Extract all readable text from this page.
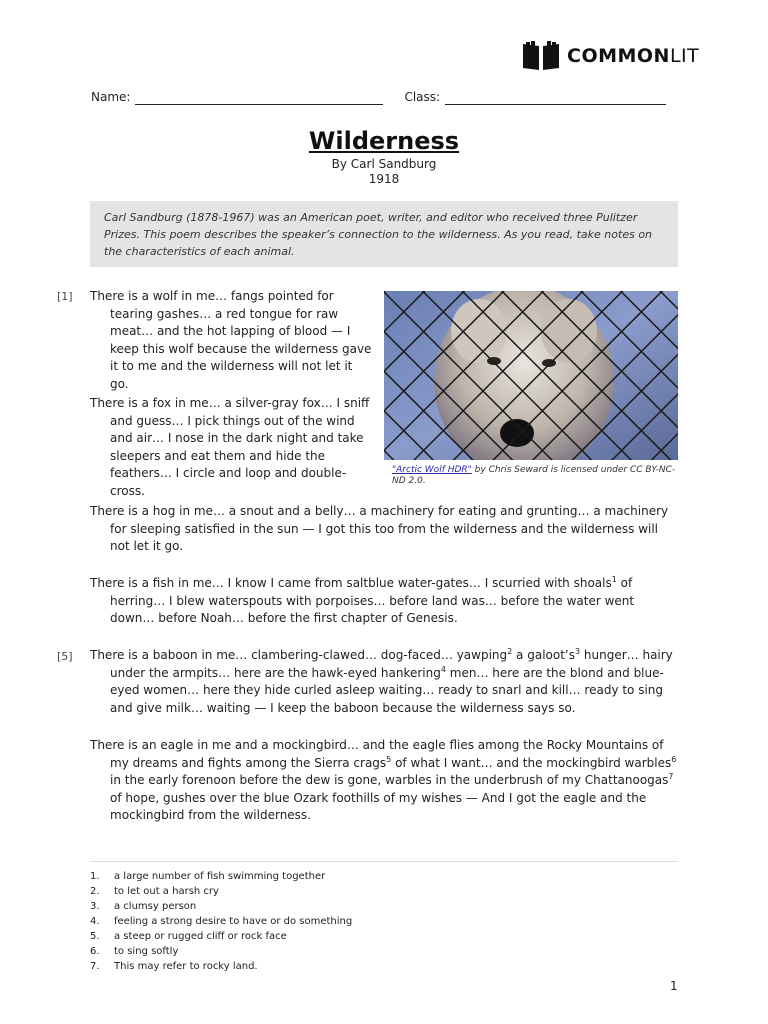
COMMONLIT
Name:	Class:
Wilderness
By Carl Sandburg
1918
Carl Sandburg (1878-1967) was an American poet, writer, and editor who received three Pulitzer Prizes. This poem describes the speaker’s connection to the wilderness. As you read, take notes on the characteristics of each animal.
[1]
[5]
There is a wolf in me… fangs pointed for tearing gashes… a red tongue for raw meat… and the hot lapping of blood — I keep this wolf because the wilderness gave it to me and the wilderness will not let it go.
There is a fox in me… a silver-gray fox… I sniff and guess… I pick things out of the wind and air… I nose in the dark night and take sleepers and eat them and hide the feathers… I circle and loop and double-cross.
There is a hog in me… a snout and a belly… a machinery for eating and grunting… a machinery for sleeping satisfied in the sun — I got this too from the wilderness and the wilderness will not let it go.
There is a fish in me… I know I came from saltblue water-gates… I scurried with shoals$^1$ of herring… I blew waterspouts with porpoises… before land was… before the water went down… before Noah… before the first chapter of Genesis.
There is a baboon in me… clambering-clawed… dog-faced… yawping$^2$ a $galoot’s^3$ hunger… hairy under the armpits… here are the hawk-eyed hankering$^4$ men… here are the blond and blue-eyed women… here they hide curled asleep waiting… ready to snarl and kill… ready to sing and give milk… waiting — I keep the baboon because the wilderness says so.
There is an eagle in me and a mockingbird… and the eagle flies among the Rocky Mountains of my dreams and fights among the Sierra crags$^5$ of what I want… and the mockingbird warbles$^6$ in the early forenoon before the dew is gone, warbles in the underbrush of my Chattanoogas$^7$ of hope, gushes over the blue Ozark foothills of my wishes — And I got the eagle and the mockingbird from the wilderness.
"Arctic Wolf HDR" by Chris Seward is licensed under CC BY-NC-ND 2.0.
1.	a large number of fish swimming together
2.	to let out a harsh cry
3.	a clumsy person
4.	feeling a strong desire to have or do something
5.	a steep or rugged cliff or rock face
6.	to sing softly
7.	This may refer to rocky land.
1
